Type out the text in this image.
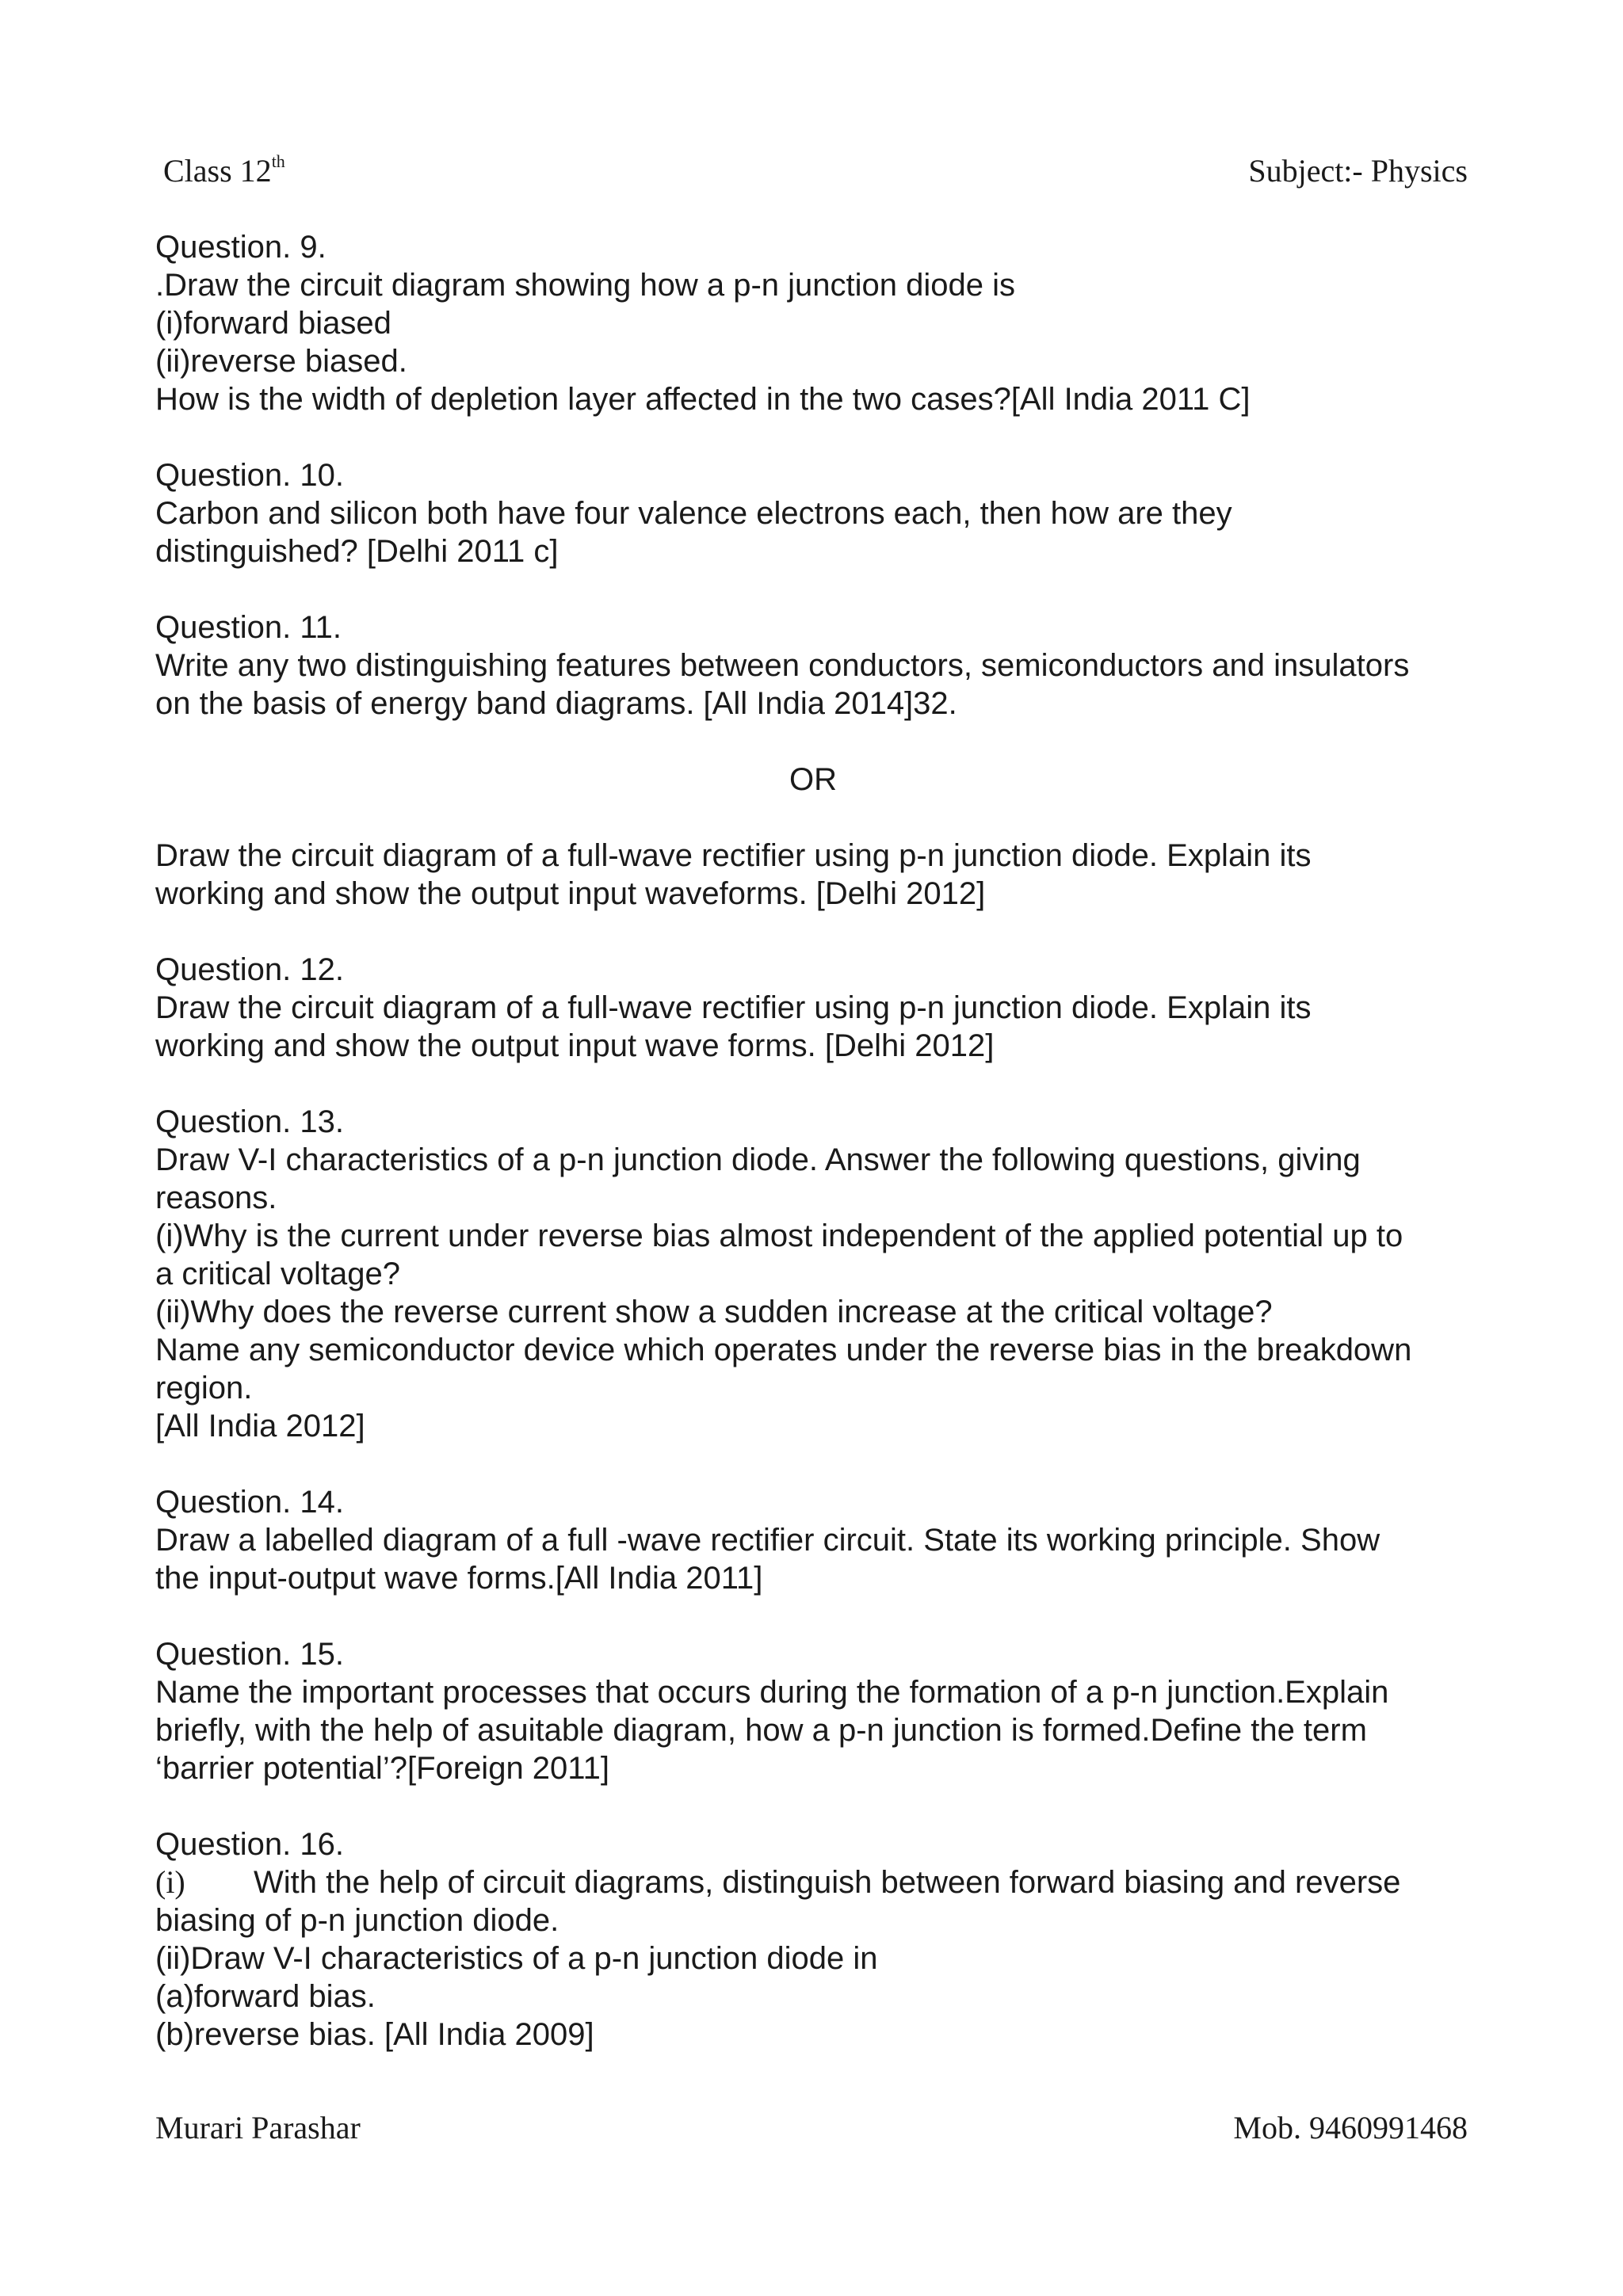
Class 12th	Subject:- Physics
Question. 9.
.Draw the circuit diagram showing how a p-n junction diode is
(i)forward biased
(ii)reverse biased.
How is the width of depletion layer affected in the two cases?[All India 2011 C]
Question. 10.
Carbon and silicon both have four valence electrons each, then how are they
distinguished? [Delhi 2011 c]
Question. 11.
Write any two distinguishing features between conductors, semiconductors and insulators
on the basis of energy band diagrams. [All India 2014]32.
OR
Draw the circuit diagram of a full-wave rectifier using p-n junction diode. Explain its
working and show the output input waveforms. [Delhi 2012]
Question. 12.
Draw the circuit diagram of a full-wave rectifier using p-n junction diode. Explain its
working and show the output input wave forms. [Delhi 2012]
Question. 13.
Draw V-I characteristics of a p-n junction diode. Answer the following questions, giving
reasons.
(i)Why is the current under reverse bias almost independent of the applied potential up to
a critical voltage?
(ii)Why does the reverse current show a sudden increase at the critical voltage?
Name any semiconductor device which operates under the reverse bias in the breakdown
region.
[All India 2012]
Question. 14.
Draw a labelled diagram of a full -wave rectifier circuit. State its working principle. Show
the input-output wave forms.[All India 2011]
Question. 15.
Name the important processes that occurs during the formation of a p-n junction.Explain
briefly, with the help of asuitable diagram, how a p-n junction is formed.Define the term
‘barrier potential’?[Foreign 2011]
Question. 16.
(i) With the help of circuit diagrams, distinguish between forward biasing and reverse
biasing of p-n junction diode.
(ii)Draw V-I characteristics of a p-n junction diode in
(a)forward bias.
(b)reverse bias. [All India 2009]
Murari Parashar	Mob. 9460991468
